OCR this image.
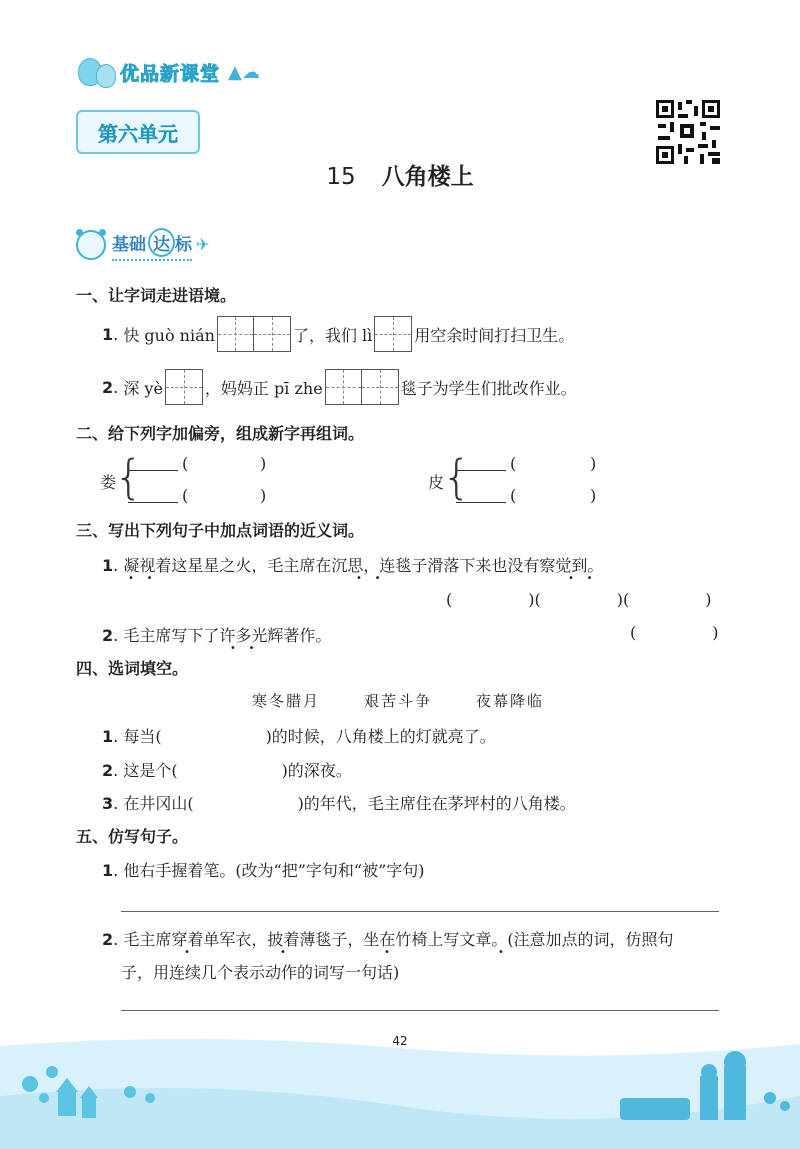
优品新课堂 ▲☁
第六单元
15 八角楼上
基础 达 标 ✈
一、让字词走进语境。
1 . 快 guò nián	了，我们 lì	用空余时间打扫卫生。
2 . 深 yè	，妈妈正 pī zhe	毯子为学生们批改作业。
二、给下列字加偏旁，组成新字再组词。
娄
{ (	)
(	)
皮
{ (	)
(	)
三、写出下列句子中加点词语的近义词。
1. 凝视着这星星之火，毛主席在沉思，连毯子滑落下来也没有察觉到。
•    •	•    •	•    •
(	)(	)(	)
2. 毛主席写下了许多光辉著作。
•    •
(	)
四、选词填空。
寒冬腊月	艰苦斗争	夜幕降临
1. 每当(	)的时候，八角楼上的灯就亮了。
2. 这是个(	)的深夜。
3. 在井冈山(	)的年代，毛主席住在茅坪村的八角楼。
五、仿写句子。
1. 他右手握着笔。(改为“把”字句和“被”字句)
2. 毛主席穿着单军衣，披着薄毯子，坐在竹椅上写文章。(注意加点的词，仿照句
•	•	•	•
子，用连续几个表示动作的词写一句话)
42
